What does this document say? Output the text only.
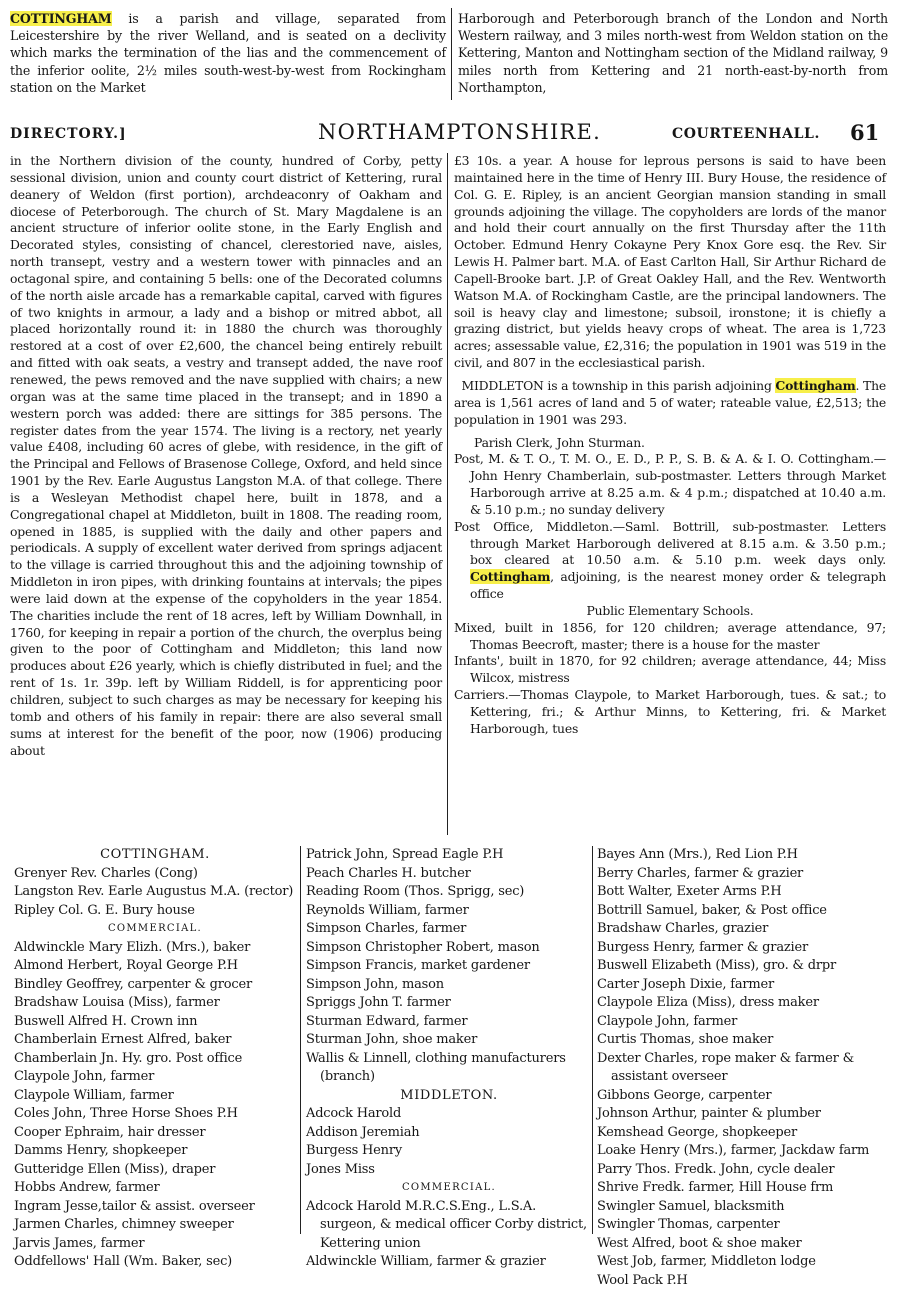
COTTINGHAM is a parish and village, separated from Leicestershire by the river Welland, and is seated on a declivity which marks the termination of the lias and the commencement of the inferior oolite, 2½ miles south-west-by-west from Rockingham station on the Market

Harborough and Peterborough branch of the London and North Western railway, and 3 miles north-west from Weldon station on the Kettering, Manton and Nottingham section of the Midland railway, 9 miles north from Kettering and 21 north-east-by-north from Northampton,

DIRECTORY.]	NORTHAMPTONSHIRE.	COURTEENHALL. 61

in the Northern division of the county, hundred of Corby, petty sessional division, union and county court district of Kettering, rural deanery of Weldon (first portion), archdeaconry of Oakham and diocese of Peterborough. The church of St. Mary Magdalene is an ancient structure of inferior oolite stone, in the Early English and Decorated styles, consisting of chancel, clerestoried nave, aisles, north transept, vestry and a western tower with pinnacles and an octagonal spire, and containing 5 bells: one of the Decorated columns of the north aisle arcade has a remarkable capital, carved with figures of two knights in armour, a lady and a bishop or mitred abbot, all placed horizontally round it: in 1880 the church was thoroughly restored at a cost of over £2,600, the chancel being entirely rebuilt and fitted with oak seats, a vestry and transept added, the nave roof renewed, the pews removed and the nave supplied with chairs; a new organ was at the same time placed in the transept; and in 1890 a western porch was added: there are sittings for 385 persons. The register dates from the year 1574. The living is a rectory, net yearly value £408, including 60 acres of glebe, with residence, in the gift of the Principal and Fellows of Brasenose College, Oxford, and held since 1901 by the Rev. Earle Augustus Langston M.A. of that college. There is a Wesleyan Methodist chapel here, built in 1878, and a Congregational chapel at Middleton, built in 1808. The reading room, opened in 1885, is supplied with the daily and other papers and periodicals. A supply of excellent water derived from springs adjacent to the village is carried throughout this and the adjoining township of Middleton in iron pipes, with drinking fountains at intervals; the pipes were laid down at the expense of the copyholders in the year 1854. The charities include the rent of 18 acres, left by William Downhall, in 1760, for keeping in repair a portion of the church, the overplus being given to the poor of Cottingham and Middleton; this land now produces about £26 yearly, which is chiefly distributed in fuel; and the rent of 1s. 1r. 39p. left by William Riddell, is for apprenticing poor children, subject to such charges as may be necessary for keeping his tomb and others of his family in repair: there are also several small sums at interest for the benefit of the poor, now (1906) producing about

£3 10s. a year. A house for leprous persons is said to have been maintained here in the time of Henry III. Bury House, the residence of Col. G. E. Ripley, is an ancient Georgian mansion standing in small grounds adjoining the village. The copyholders are lords of the manor and hold their court annually on the first Thursday after the 11th October. Edmund Henry Cokayne Pery Knox Gore esq. the Rev. Sir Lewis H. Palmer bart. M.A. of East Carlton Hall, Sir Arthur Richard de Capell-Brooke bart. J.P. of Great Oakley Hall, and the Rev. Wentworth Watson M.A. of Rockingham Castle, are the principal landowners. The soil is heavy clay and limestone; subsoil, ironstone; it is chiefly a grazing district, but yields heavy crops of wheat. The area is 1,723 acres; assessable value, £2,316; the population in 1901 was 519 in the civil, and 807 in the ecclesiastical parish.

MIDDLETON is a township in this parish adjoining Cottingham. The area is 1,561 acres of land and 5 of water; rateable value, £2,513; the population in 1901 was 293.

Parish Clerk, John Sturman.

Post, M. & T. O., T. M. O., E. D., P. P., S. B. & A. & I. O. Cottingham.—John Henry Chamberlain, sub-postmaster. Letters through Market Harborough arrive at 8.25 a.m. & 4 p.m.; dispatched at 10.40 a.m. & 5.10 p.m.; no sunday delivery

Post Office, Middleton.—Saml. Bottrill, sub-postmaster. Letters through Market Harborough delivered at 8.15 a.m. & 3.50 p.m.; box cleared at 10.50 a.m. & 5.10 p.m. week days only. Cottingham, adjoining, is the nearest money order & telegraph office

Public Elementary Schools.

Mixed, built in 1856, for 120 children; average attendance, 97; Thomas Beecroft, master; there is a house for the master

Infants', built in 1870, for 92 children; average attendance, 44; Miss Wilcox, mistress

Carriers.—Thomas Claypole, to Market Harborough, tues. & sat.; to Kettering, fri.; & Arthur Minns, to Kettering, fri. & Market Harborough, tues

COTTINGHAM.

Grenyer Rev. Charles (Cong)

Langston Rev. Earle Augustus M.A. (rector)

Ripley Col. G. E. Bury house

COMMERCIAL.

Aldwinckle Mary Elizh. (Mrs.), baker

Almond Herbert, Royal George P.H

Bindley Geoffrey, carpenter & grocer

Bradshaw Louisa (Miss), farmer

Buswell Alfred H. Crown inn

Chamberlain Ernest Alfred, baker

Chamberlain Jn. Hy. gro. Post office

Claypole John, farmer

Claypole William, farmer

Coles John, Three Horse Shoes P.H

Cooper Ephraim, hair dresser

Damms Henry, shopkeeper

Gutteridge Ellen (Miss), draper

Hobbs Andrew, farmer

Ingram Jesse,tailor & assist. overseer

Jarmen Charles, chimney sweeper

Jarvis James, farmer

Oddfellows' Hall (Wm. Baker, sec)

Patrick John, Spread Eagle P.H

Peach Charles H. butcher

Reading Room (Thos. Sprigg, sec)

Reynolds William, farmer

Simpson Charles, farmer

Simpson Christopher Robert, mason

Simpson Francis, market gardener

Simpson John, mason

Spriggs John T. farmer

Sturman Edward, farmer

Sturman John, shoe maker

Wallis & Linnell, clothing manufacturers (branch)

MIDDLETON.

Adcock Harold

Addison Jeremiah

Burgess Henry

Jones Miss

COMMERCIAL.

Adcock Harold M.R.C.S.Eng., L.S.A. surgeon, & medical officer Corby district, Kettering union

Aldwinckle William, farmer & grazier

Bayes Ann (Mrs.), Red Lion P.H

Berry Charles, farmer & grazier

Bott Walter, Exeter Arms P.H

Bottrill Samuel, baker, & Post office

Bradshaw Charles, grazier

Burgess Henry, farmer & grazier

Buswell Elizabeth (Miss), gro. & drpr

Carter Joseph Dixie, farmer

Claypole Eliza (Miss), dress maker

Claypole John, farmer

Curtis Thomas, shoe maker

Dexter Charles, rope maker & farmer & assistant overseer

Gibbons George, carpenter

Johnson Arthur, painter & plumber

Kemshead George, shopkeeper

Loake Henry (Mrs.), farmer, Jackdaw farm

Parry Thos. Fredk. John, cycle dealer

Shrive Fredk. farmer, Hill House frm

Swingler Samuel, blacksmith

Swingler Thomas, carpenter

West Alfred, boot & shoe maker

West Job, farmer, Middleton lodge

Wool Pack P.H
